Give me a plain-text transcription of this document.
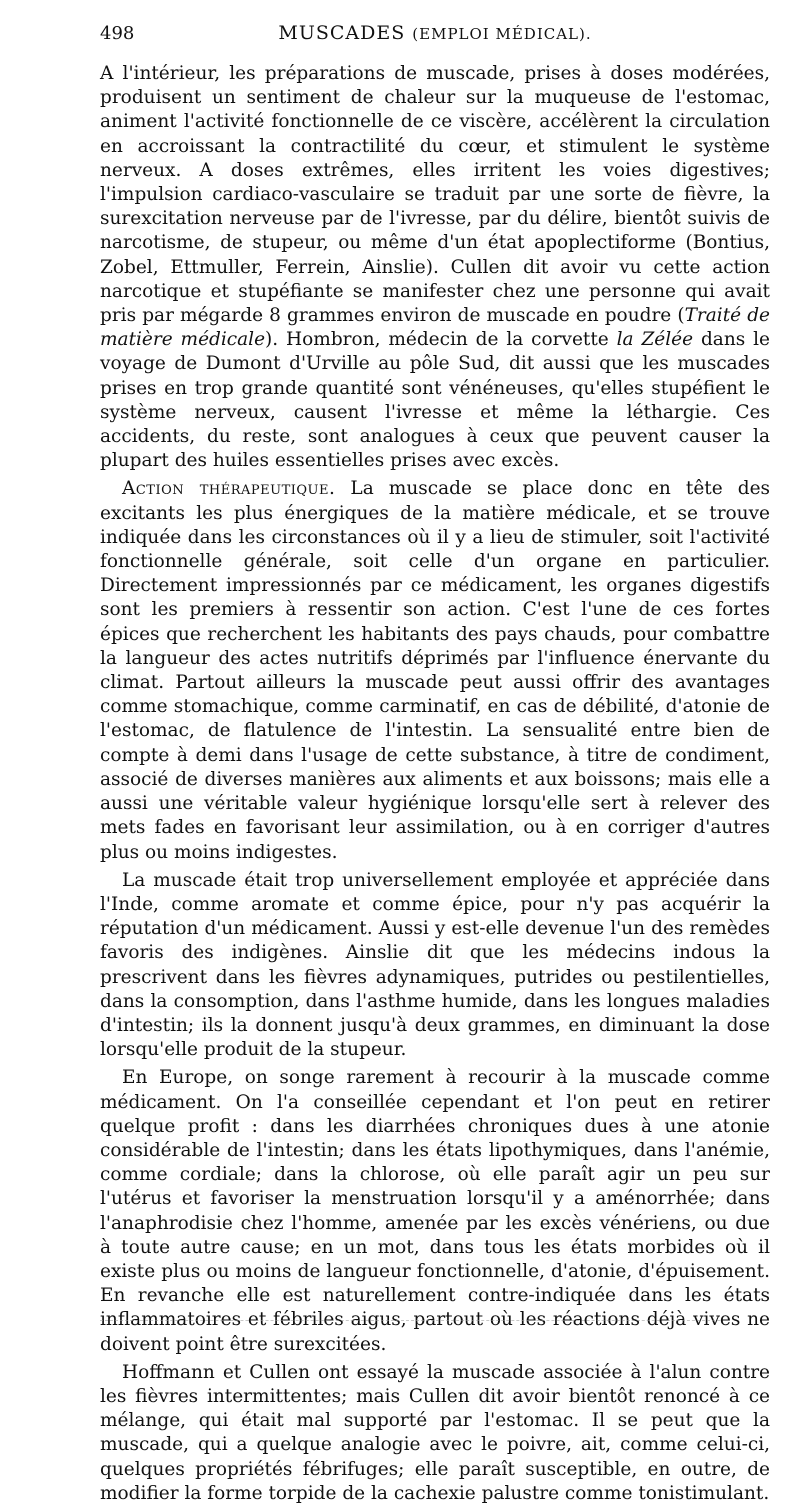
498	MUSCADES (EMPLOI MÉDICAL).

A l'intérieur, les préparations de muscade, prises à doses modérées, produisent un sentiment de chaleur sur la muqueuse de l'estomac, animent l'activité fonctionnelle de ce viscère, accélèrent la circulation en accroissant la contractilité du cœur, et stimulent le système nerveux. A doses extrêmes, elles irritent les voies digestives; l'impulsion cardiaco-vasculaire se traduit par une sorte de fièvre, la surexcitation nerveuse par de l'ivresse, par du délire, bientôt suivis de narcotisme, de stupeur, ou même d'un état apoplectiforme (Bontius, Zobel, Ettmuller, Ferrein, Ainslie). Cullen dit avoir vu cette action narcotique et stupéfiante se manifester chez une personne qui avait pris par mégarde 8 grammes environ de muscade en poudre (Traité de matière médicale). Hombron, médecin de la corvette la Zélée dans le voyage de Dumont d'Urville au pôle Sud, dit aussi que les muscades prises en trop grande quantité sont vénéneuses, qu'elles stupéfient le système nerveux, causent l'ivresse et même la léthargie. Ces accidents, du reste, sont analogues à ceux que peuvent causer la plupart des huiles essentielles prises avec excès.

Action thérapeutique. La muscade se place donc en tête des excitants les plus énergiques de la matière médicale, et se trouve indiquée dans les circonstances où il y a lieu de stimuler, soit l'activité fonctionnelle générale, soit celle d'un organe en particulier. Directement impressionnés par ce médicament, les organes digestifs sont les premiers à ressentir son action. C'est l'une de ces fortes épices que recherchent les habitants des pays chauds, pour combattre la langueur des actes nutritifs déprimés par l'influence énervante du climat. Partout ailleurs la muscade peut aussi offrir des avantages comme stomachique, comme carminatif, en cas de débilité, d'atonie de l'estomac, de flatulence de l'intestin. La sensualité entre bien de compte à demi dans l'usage de cette substance, à titre de condiment, associé de diverses manières aux aliments et aux boissons; mais elle a aussi une véritable valeur hygiénique lorsqu'elle sert à relever des mets fades en favorisant leur assimilation, ou à en corriger d'autres plus ou moins indigestes.

La muscade était trop universellement employée et appréciée dans l'Inde, comme aromate et comme épice, pour n'y pas acquérir la réputation d'un médicament. Aussi y est-elle devenue l'un des remèdes favoris des indigènes. Ainslie dit que les médecins indous la prescrivent dans les fièvres adynamiques, putrides ou pestilentielles, dans la consomption, dans l'asthme humide, dans les longues maladies d'intestin; ils la donnent jusqu'à deux grammes, en diminuant la dose lorsqu'elle produit de la stupeur.

En Europe, on songe rarement à recourir à la muscade comme médicament. On l'a conseillée cependant et l'on peut en retirer quelque profit : dans les diarrhées chroniques dues à une atonie considérable de l'intestin; dans les états lipothymiques, dans l'anémie, comme cordiale; dans la chlorose, où elle paraît agir un peu sur l'utérus et favoriser la menstruation lorsqu'il y a aménorrhée; dans l'anaphrodisie chez l'homme, amenée par les excès vénériens, ou due à toute autre cause; en un mot, dans tous les états morbides où il existe plus ou moins de langueur fonctionnelle, d'atonie, d'épuisement. En revanche elle est naturellement contre-indiquée dans les états inflammatoires et fébriles aigus, partout où les réactions déjà vives ne doivent point être surexcitées.

Hoffmann et Cullen ont essayé la muscade associée à l'alun contre les fièvres intermittentes; mais Cullen dit avoir bientôt renoncé à ce mélange, qui était mal supporté par l'estomac. Il se peut que la muscade, qui a quelque analogie avec le poivre, ait, comme celui-ci, quelques propriétés fébrifuges; elle paraît susceptible, en outre, de modifier la forme torpide de la cachexie palustre comme tonistimulant.
